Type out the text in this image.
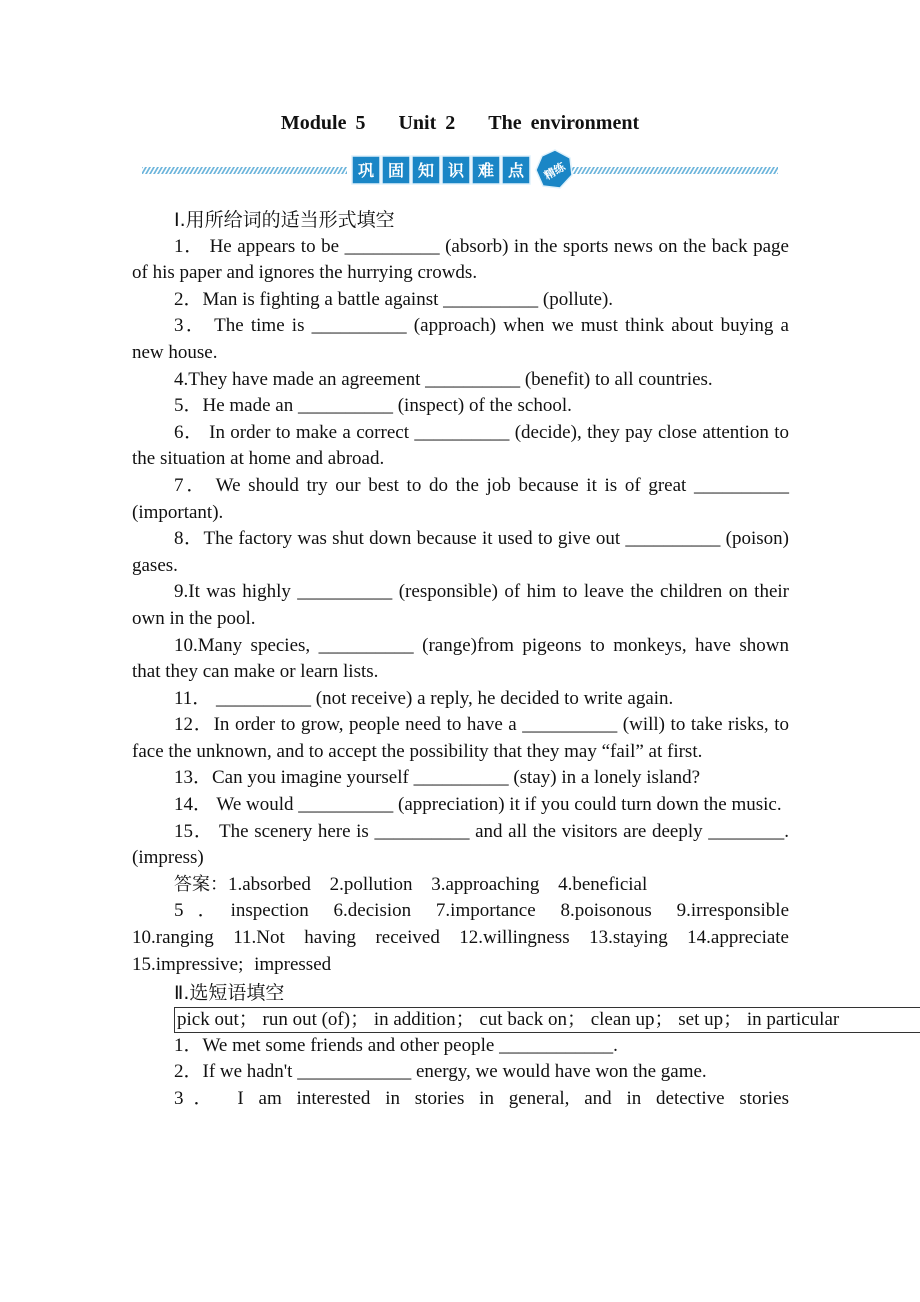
Module 5 Unit 2 The environment
巩 固 知 识 难 点 精练

Ⅰ.用所给词的适当形式填空

1． He appears to be __________ (absorb) in the sports news on the back page of his paper and ignores the hurrying crowds.

2．Man is fighting a battle against __________ (pollute).

3． The time is __________ (approach) when we must think about buying a new house.

4.They have made an agreement __________ (benefit) to all countries.

5．He made an __________ (inspect) of the school.

6． In order to make a correct __________ (decide), they pay close attention to the situation at home and abroad.

7． We should try our best to do the job because it is of great __________ (important).

8．The factory was shut down because it used to give out __________ (poison) gases.

9.It was highly __________ (responsible) of him to leave the children on their own in the pool.

10.Many species, __________ (range)from pigeons to monkeys, have shown that they can make or learn lists.

11． __________ (not receive) a reply, he decided to write again.

12．In order to grow, people need to have a __________ (will) to take risks, to face the unknown, and to accept the possibility that they may “fail” at first.

13．Can you imagine yourself __________ (stay) in a lonely island?

14． We would __________ (appreciation) it if you could turn down the music.

15． The scenery here is __________ and all the visitors are deeply ________.(impress)

答案：1.absorbed 2.pollution 3.approaching 4.beneficial

5．inspection 6.decision 7.importance 8.poisonous 9.irresponsible 10.ranging 11.Not having received 12.willingness 13.staying 14.appreciate 15.impressive; impressed

Ⅱ.选短语填空

pick out； run out (of)； in addition； cut back on； clean up； set up； in particular

1．We met some friends and other people ____________.

2．If we hadn't ____________ energy, we would have won the game.

3． I am interested in stories in general, and in detective stories
